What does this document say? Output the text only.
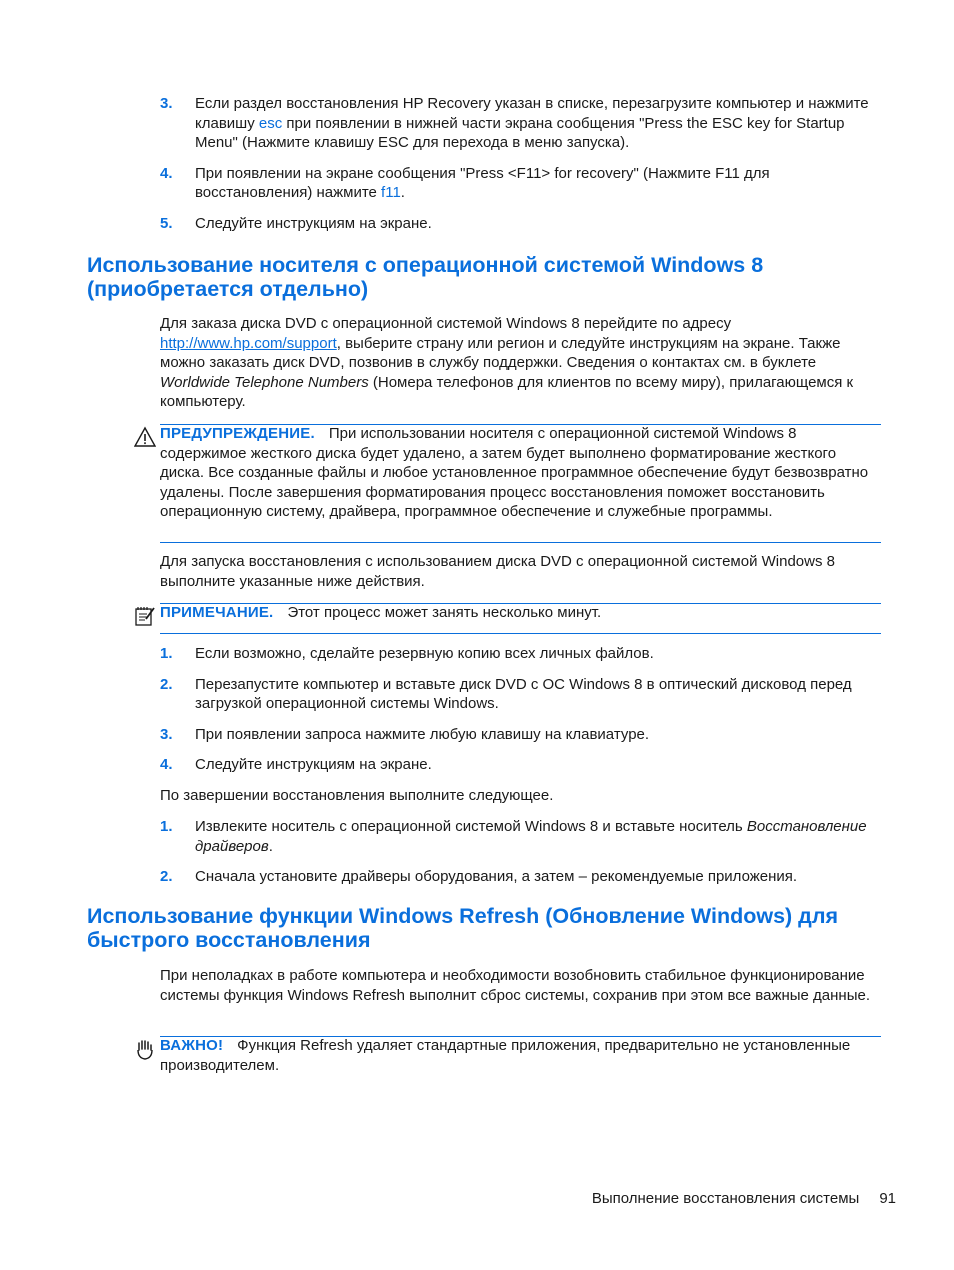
3. Если раздел восстановления HP Recovery указан в списке, перезагрузите компьютер и нажмите клавишу esc при появлении в нижней части экрана сообщения "Press the ESC key for Startup Menu" (Нажмите клавишу ESC для перехода в меню запуска).
4. При появлении на экране сообщения "Press <F11> for recovery" (Нажмите F11 для восстановления) нажмите f11.
5. Следуйте инструкциям на экране.
Использование носителя с операционной системой Windows 8
(приобретается отдельно)

Для заказа диска DVD с операционной системой Windows 8 перейдите по адресу
http://www.hp.com/support, выберите страну или регион и следуйте инструкциям на экране. Также можно заказать диск DVD, позвонив в службу поддержки. Сведения о контактах см. в буклете Worldwide Telephone Numbers (Номера телефонов для клиентов по всему миру), прилагающемся к компьютеру.

ПРЕДУПРЕЖДЕНИЕ. При использовании носителя с операционной системой Windows 8 содержимое жесткого диска будет удалено, а затем будет выполнено форматирование жесткого диска. Все созданные файлы и любое установленное программное обеспечение будут безвозвратно удалены. После завершения форматирования процесс восстановления поможет восстановить операционную систему, драйвера, программное обеспечение и служебные программы.

Для запуска восстановления с использованием диска DVD с операционной системой Windows 8 выполните указанные ниже действия.

ПРИМЕЧАНИЕ. Этот процесс может занять несколько минут.
1. Если возможно, сделайте резервную копию всех личных файлов.
2. Перезапустите компьютер и вставьте диск DVD с ОС Windows 8 в оптический дисковод перед загрузкой операционной системы Windows.
3. При появлении запроса нажмите любую клавишу на клавиатуре.
4. Следуйте инструкциям на экране.

По завершении восстановления выполните следующее.

1. Извлеките носитель с операционной системой Windows 8 и вставьте носитель Восстановление драйверов.
2. Сначала установите драйверы оборудования, а затем – рекомендуемые приложения.
Использование функции Windows Refresh (Обновление Windows) для
быстрого восстановления

При неполадках в работе компьютера и необходимости возобновить стабильное функционирование системы функция Windows Refresh выполнит сброс системы, сохранив при этом все важные данные.

ВАЖНО! Функция Refresh удаляет стандартные приложения, предварительно не установленные производителем.
Выполнение восстановления системы 91
